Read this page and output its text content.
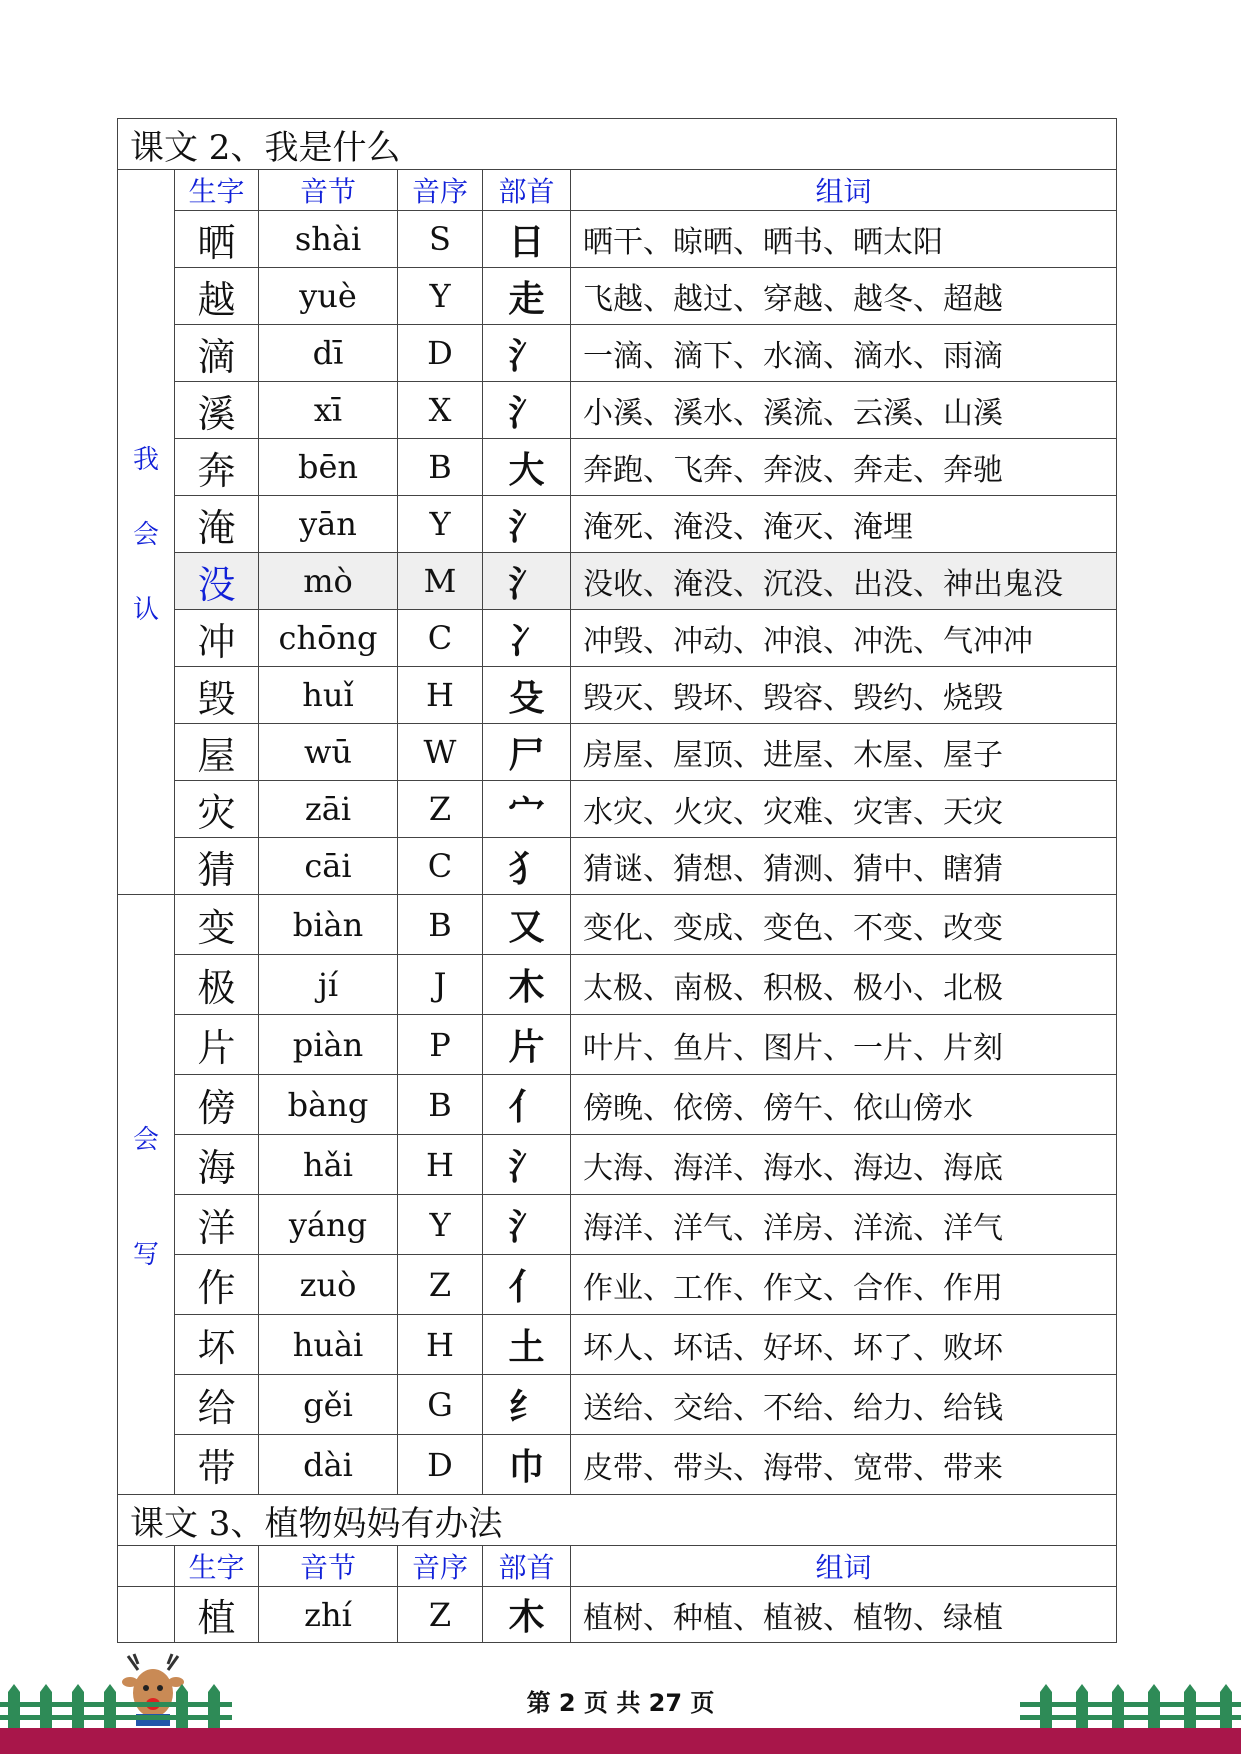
课文 2、我是什么					

我
会
认	生字	音节	音序	部首	组词
	晒	shài	S	日	晒干、晾晒、晒书、晒太阳
	越	yuè	Y	走	飞越、越过、穿越、越冬、超越
	滴	dī	D	氵	一滴、滴下、水滴、滴水、雨滴
	溪	xī	X	氵	小溪、溪水、溪流、云溪、山溪
	奔	bēn	B	大	奔跑、飞奔、奔波、奔走、奔驰
	淹	yān	Y	氵	淹死、淹没、淹灭、淹埋
	没	mò	M	氵	没收、淹没、沉没、出没、神出鬼没
	冲	chōng	C	冫	冲毁、冲动、冲浪、冲洗、气冲冲
	毁	huǐ	H	殳	毁灭、毁坏、毁容、毁约、烧毁
	屋	wū	W	尸	房屋、屋顶、进屋、木屋、屋子
	灾	zāi	Z	宀	水灾、火灾、灾难、灾害、天灾
	猜	cāi	C	犭	猜谜、猜想、猜测、猜中、瞎猜

会
写	变	biàn	B	又	变化、变成、变色、不变、改变
	极	jí	J	木	太极、南极、积极、极小、北极
	片	piàn	P	片	叶片、鱼片、图片、一片、片刻
	傍	bàng	B	亻	傍晚、依傍、傍午、依山傍水
	海	hǎi	H	氵	大海、海洋、海水、海边、海底
	洋	yáng	Y	氵	海洋、洋气、洋房、洋流、洋气
	作	zuò	Z	亻	作业、工作、作文、合作、作用
	坏	huài	H	土	坏人、坏话、好坏、坏了、败坏
	给	gěi	G	纟	送给、交给、不给、给力、给钱
	带	dài	D	巾	皮带、带头、海带、宽带、带来
课文 3、植物妈妈有办法					
	生字	音节	音序	部首	组词
	植	zhí	Z	木	植树、种植、植被、植物、绿植
第 2 页 共 27 页
